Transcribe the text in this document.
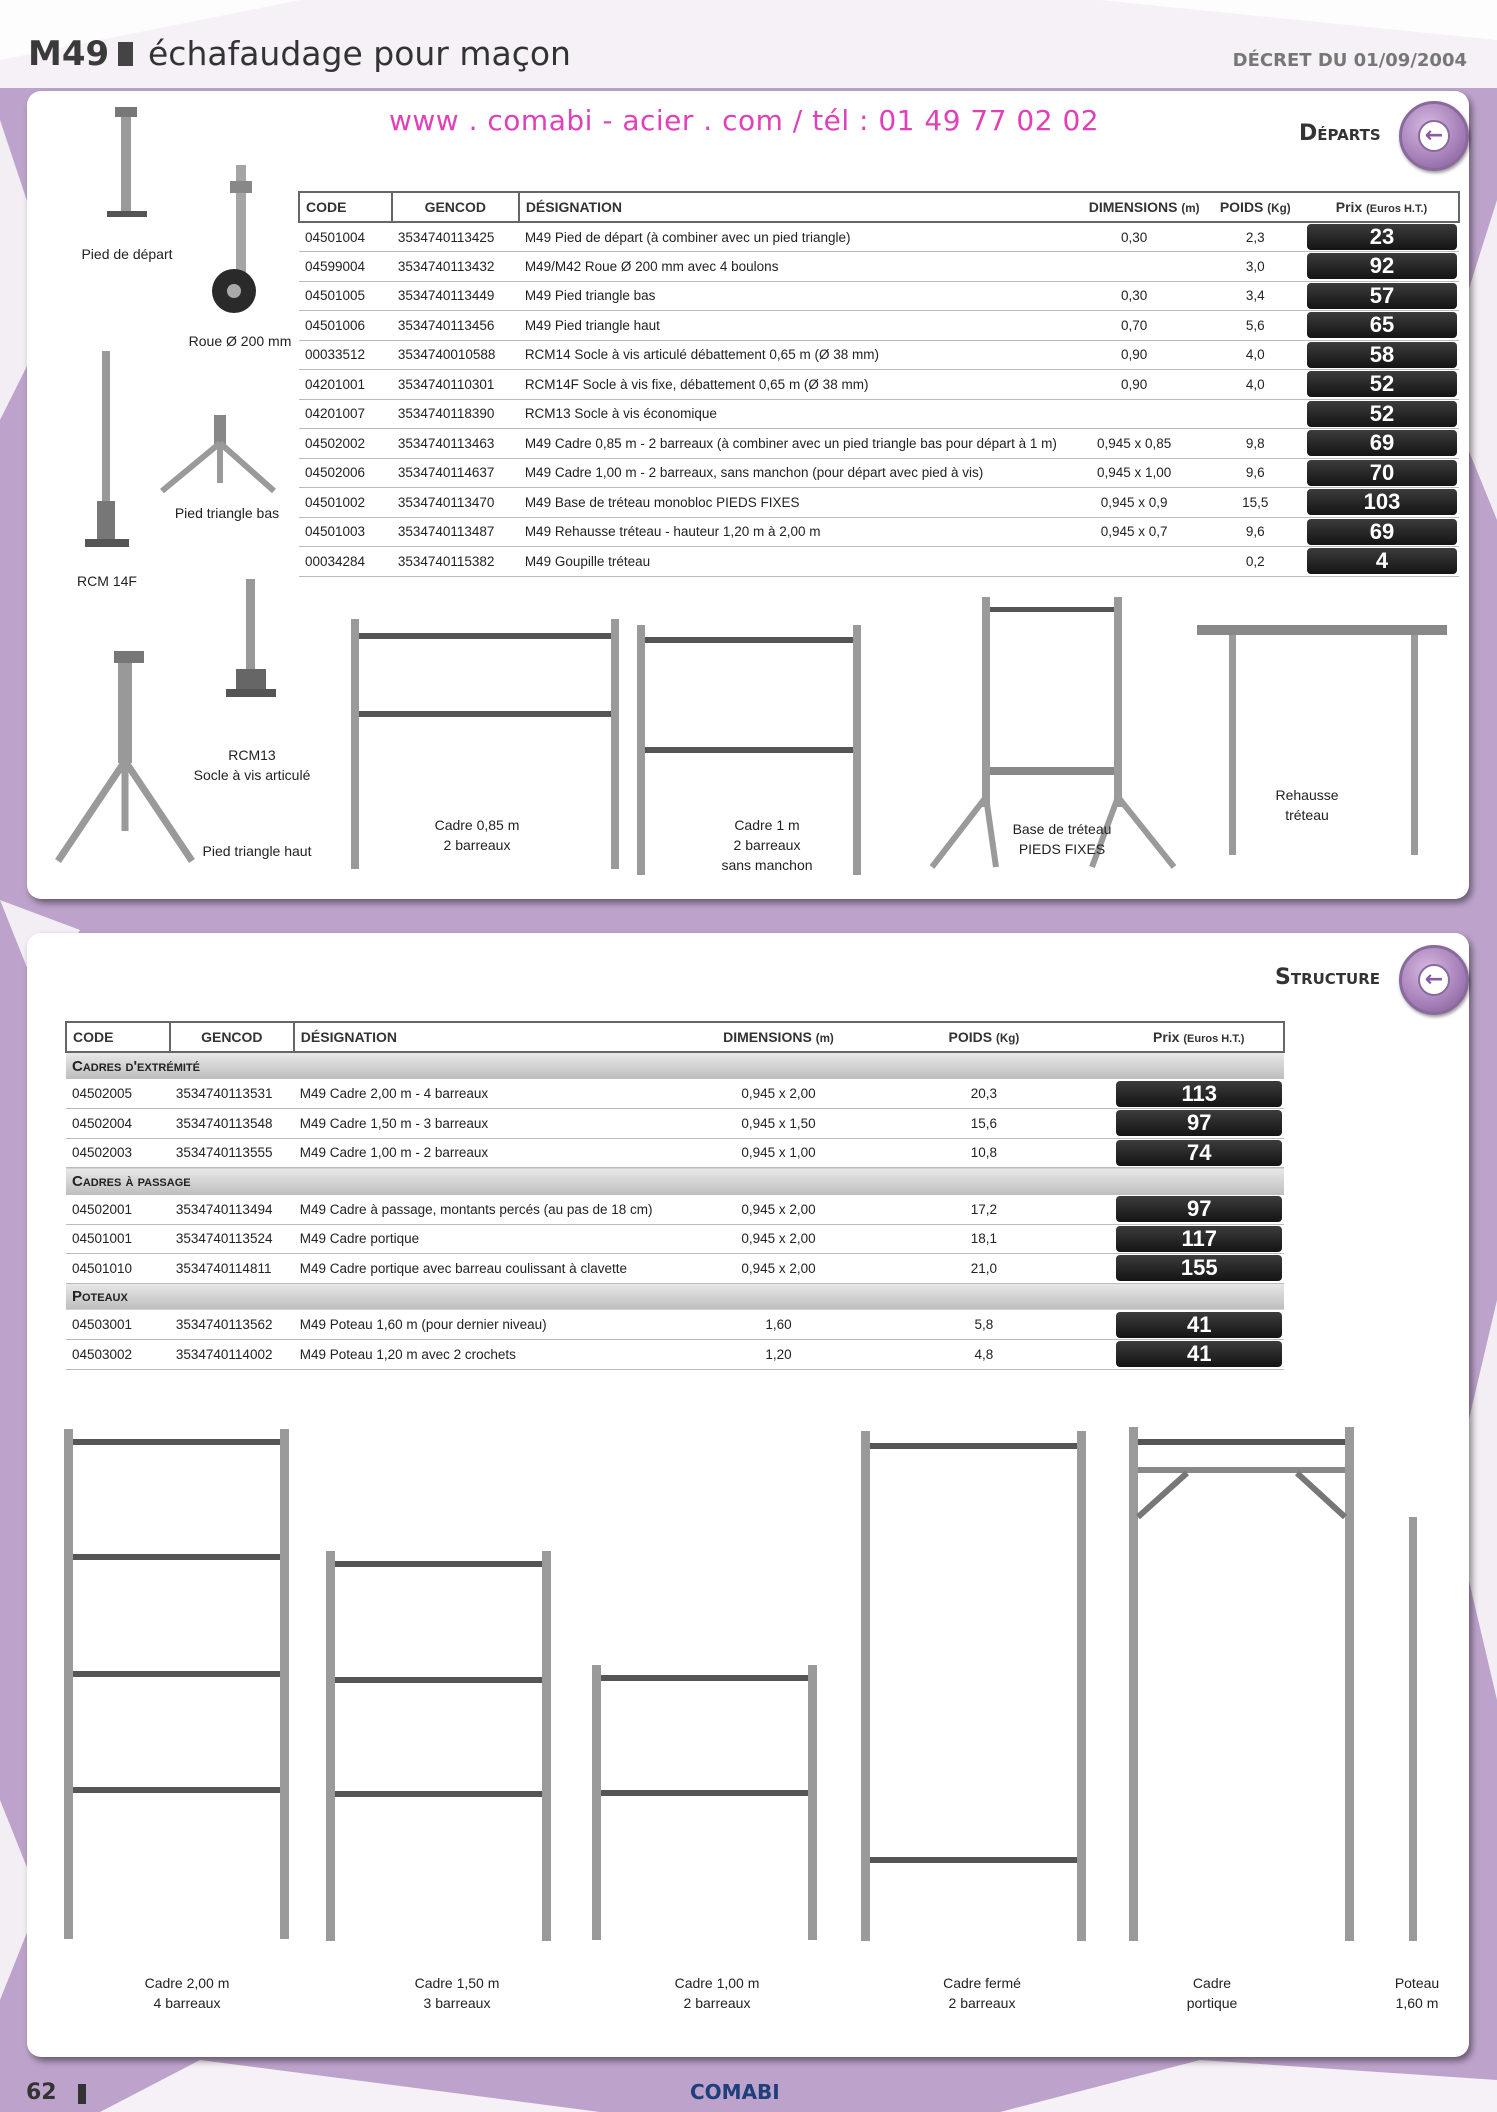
M49 échafaudage pour maçon	DÉCRET DU 01/09/2004
www . comabi - acier . com / tél : 01 49 77 02 02	Départs	←
CODE	GENCOD	DÉSIGNATION	DIMENSIONS (m)	POIDS (Kg)	Prix (Euros H.T.)
04501004	3534740113425	M49 Pied de départ (à combiner avec un pied triangle)	0,30	2,3	23

04599004	3534740113432	M49/M42 Roue Ø 200 mm avec 4 boulons		3,0	92

04501005	3534740113449	M49 Pied triangle bas	0,30	3,4	57

04501006	3534740113456	M49 Pied triangle haut	0,70	5,6	65

00033512	3534740010588	RCM14 Socle à vis articulé débattement 0,65 m (Ø 38 mm)	0,90	4,0	58

04201001	3534740110301	RCM14F Socle à vis fixe, débattement 0,65 m (Ø 38 mm)	0,90	4,0	52

04201007	3534740118390	RCM13 Socle à vis économique			52

04502002	3534740113463	M49 Cadre 0,85 m - 2 barreaux (à combiner avec un pied triangle bas pour départ à 1 m)	0,945 x 0,85	9,8	69

04502006	3534740114637	M49 Cadre 1,00 m - 2 barreaux, sans manchon (pour départ avec pied à vis)	0,945 x 1,00	9,6	70

04501002	3534740113470	M49 Base de tréteau monobloc PIEDS FIXES	0,945 x 0,9	15,5	103

04501003	3534740113487	M49 Rehausse tréteau - hauteur 1,20 m à 2,00 m	0,945 x 0,7	9,6	69

00034284	3534740115382	M49 Goupille tréteau		0,2	4
Pied de départ
Roue Ø 200 mm
RCM 14F
Pied triangle bas
Pied triangle haut
RCM13
Socle à vis articulé
Cadre 0,85 m
2 barreaux
Cadre 1 m
2 barreaux
sans manchon
Base de tréteau
PIEDS FIXES
Rehausse
tréteau
Structure	←
CODE	GENCOD	DÉSIGNATION	DIMENSIONS (m)	POIDS (Kg)	Prix (Euros H.T.)
Cadres d'extrémité					
04502005	3534740113531	M49 Cadre 2,00 m - 4 barreaux	0,945 x 2,00	20,3	113

04502004	3534740113548	M49 Cadre 1,50 m - 3 barreaux	0,945 x 1,50	15,6	97

04502003	3534740113555	M49 Cadre 1,00 m - 2 barreaux	0,945 x 1,00	10,8	74

Cadres à passage					
04502001	3534740113494	M49 Cadre à passage, montants percés (au pas de 18 cm)	0,945 x 2,00	17,2	97

04501001	3534740113524	M49 Cadre portique	0,945 x 2,00	18,1	117

04501010	3534740114811	M49 Cadre portique avec barreau coulissant à clavette	0,945 x 2,00	21,0	155

Poteaux					
04503001	3534740113562	M49 Poteau 1,60 m (pour dernier niveau)	1,60	5,8	41

04503002	3534740114002	M49 Poteau 1,20 m avec 2 crochets	1,20	4,8	41
Cadre 2,00 m
4 barreaux
Cadre 1,50 m
3 barreaux
Cadre 1,00 m
2 barreaux
Cadre fermé
2 barreaux
Cadre
portique
Poteau
1,60 m
62	COMABI
